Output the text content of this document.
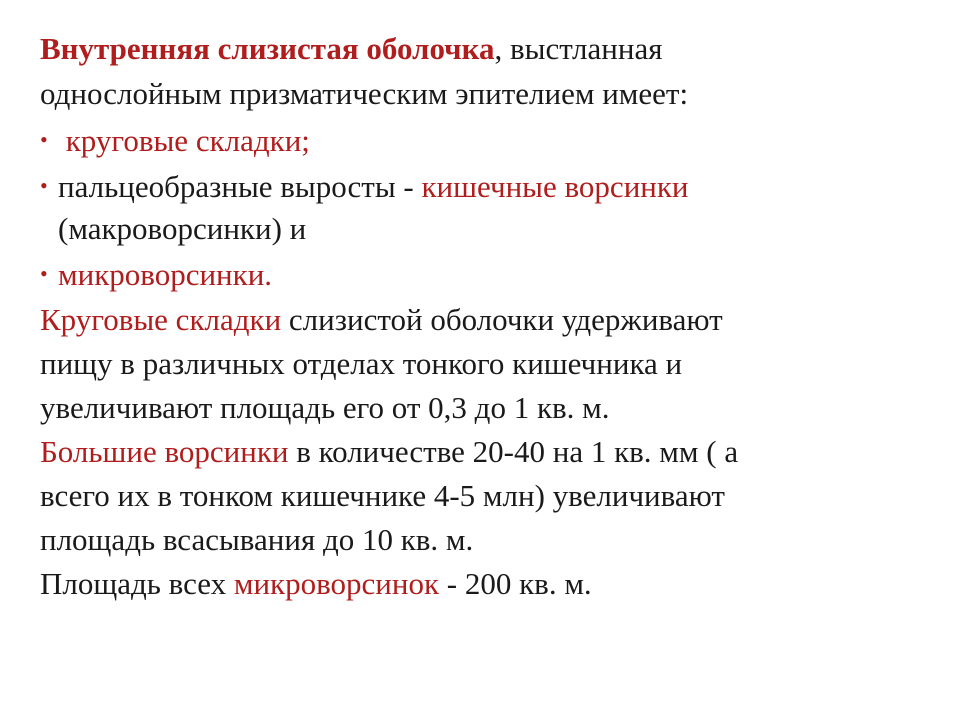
Внутренняя слизистая оболочка, выстланная
однослойным призматическим эпителием имеет:
• круговые складки;
• пальцеобразные выросты - кишечные ворсинки
(макроворсинки) и
• микроворсинки.
Круговые складки слизистой оболочки удерживают
пищу в различных отделах тонкого кишечника и
увеличивают площадь его от 0,3 до 1 кв. м.
Большие ворсинки в количестве 20-40 на 1 кв. мм ( а
всего их в тонком кишечнике 4-5 млн) увеличивают
площадь всасывания до 10 кв. м.
Площадь всех микроворсинок - 200 кв. м.
